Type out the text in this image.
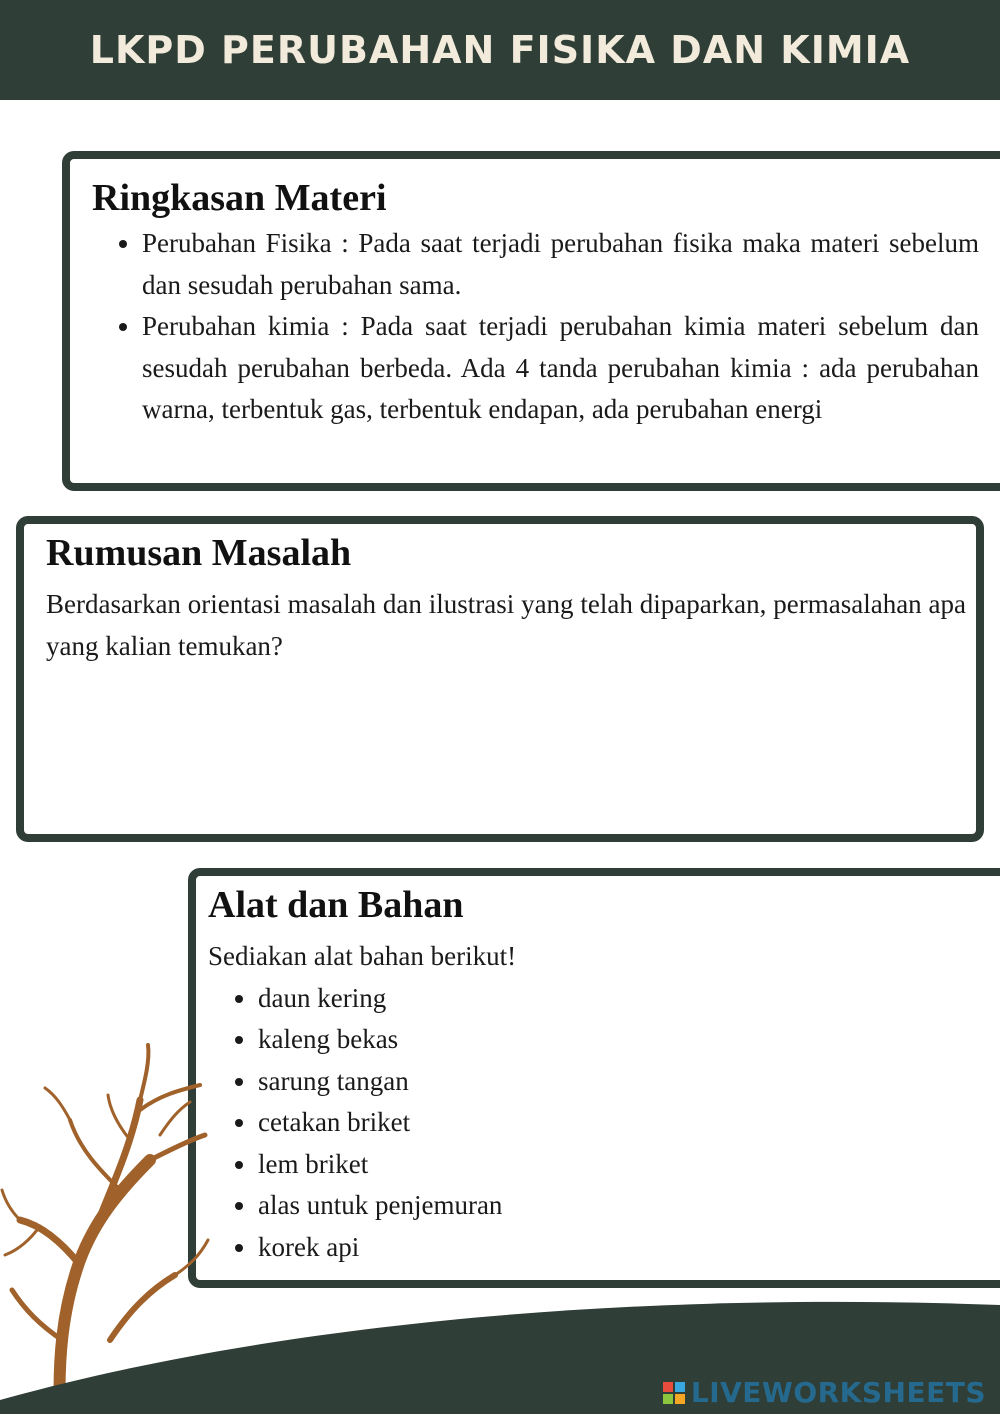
LKPD PERUBAHAN FISIKA DAN KIMIA
Ringkasan Materi
• Perubahan Fisika : Pada saat terjadi perubahan fisika maka materi sebelum dan sesudah perubahan sama.
• Perubahan kimia : Pada saat terjadi perubahan kimia materi sebelum dan sesudah perubahan berbeda. Ada 4 tanda perubahan kimia : ada perubahan warna, terbentuk gas, terbentuk endapan, ada perubahan energi
Rumusan Masalah

Berdasarkan orientasi masalah dan ilustrasi yang telah dipaparkan, permasalahan apa yang kalian temukan?

Alat dan Bahan

Sediakan alat bahan berikut!

• daun kering
• kaleng bekas
• sarung tangan
• cetakan briket
• lem briket
• alas untuk penjemuran
• korek api
LIVEWORKSHEETS
